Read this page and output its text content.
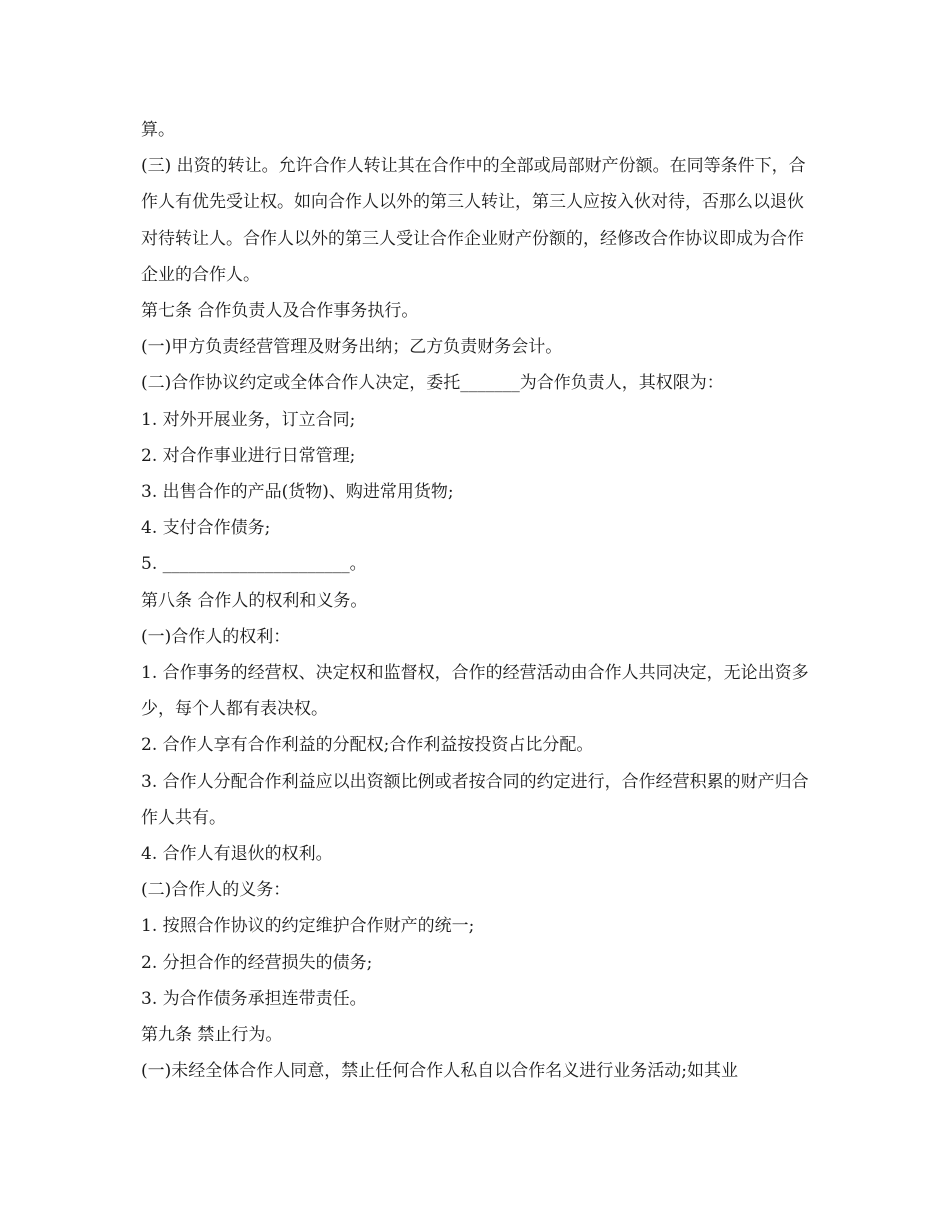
算。

(三) 出资的转让。允许合作人转让其在合作中的全部或局部财产份额。在同等条件下，合作人有优先受让权。如向合作人以外的第三人转让，第三人应按入伙对待，否那么以退伙对待转让人。合作人以外的第三人受让合作企业财产份额的，经修改合作协议即成为合作企业的合作人。

第七条 合作负责人及合作事务执行。

(一)甲方负责经营管理及财务出纳；乙方负责财务会计。

(二)合作协议约定或全体合作人决定，委托_______为合作负责人，其权限为：

1. 对外开展业务，订立合同;

2. 对合作事业进行日常管理;

3. 出售合作的产品(货物)、购进常用货物;

4. 支付合作债务;

5. ______________________。

第八条 合作人的权利和义务。

(一)合作人的权利：

1. 合作事务的经营权、决定权和监督权，合作的经营活动由合作人共同决定，无论出资多少，每个人都有表决权。

2. 合作人享有合作利益的分配权;合作利益按投资占比分配。

3. 合作人分配合作利益应以出资额比例或者按合同的约定进行，合作经营积累的财产归合作人共有。

4. 合作人有退伙的权利。

(二)合作人的义务：

1. 按照合作协议的约定维护合作财产的统一;

2. 分担合作的经营损失的债务;

3. 为合作债务承担连带责任。

第九条 禁止行为。

(一)未经全体合作人同意，禁止任何合作人私自以合作名义进行业务活动;如其业
